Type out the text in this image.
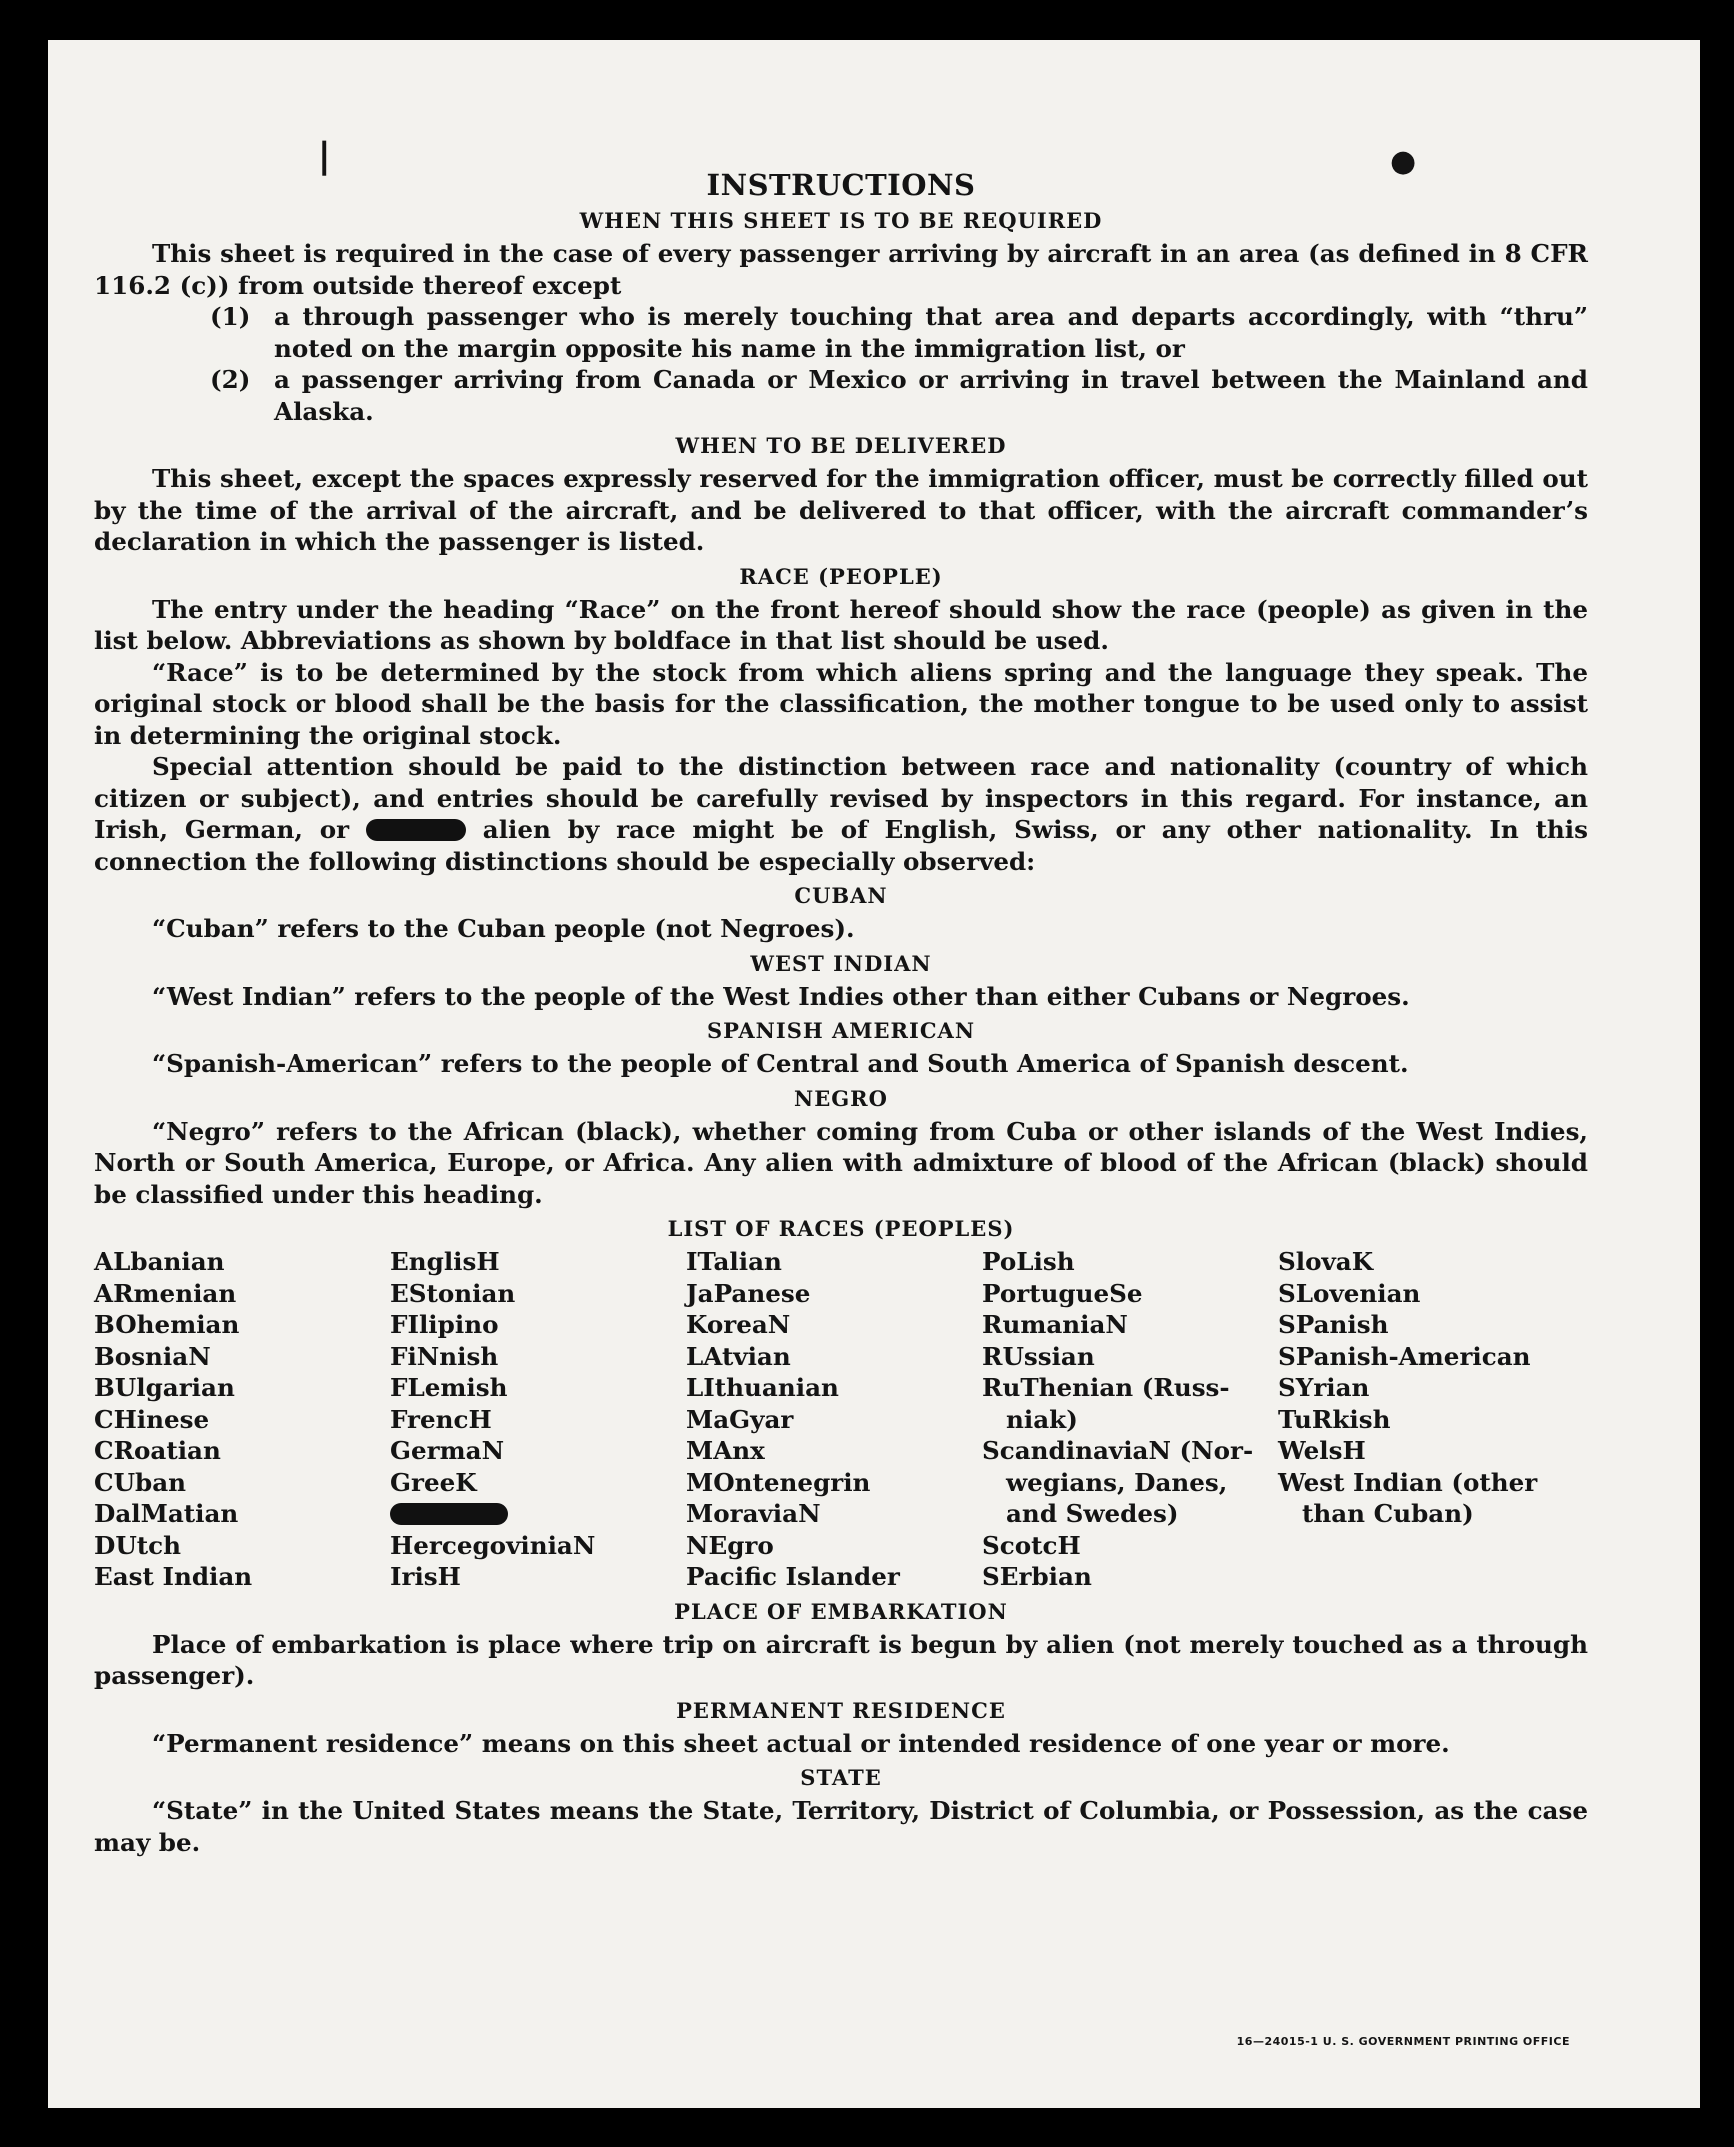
❘	●
INSTRUCTIONS
WHEN THIS SHEET IS TO BE REQUIRED

This sheet is required in the case of every passenger arriving by aircraft in an area (as defined in 8 CFR 116.2 (c)) from outside thereof except

(1) a through passenger who is merely touching that area and departs accordingly, with “thru” noted on the margin opposite his name in the immigration list, or
(2) a passenger arriving from Canada or Mexico or arriving in travel between the Mainland and Alaska.
WHEN TO BE DELIVERED

This sheet, except the spaces expressly reserved for the immigration officer, must be correctly filled out by the time of the arrival of the aircraft, and be delivered to that officer, with the aircraft commander’s declaration in which the passenger is listed.

RACE (PEOPLE)

The entry under the heading “Race” on the front hereof should show the race (people) as given in the list below. Abbreviations as shown by boldface in that list should be used.

“Race” is to be determined by the stock from which aliens spring and the language they speak. The original stock or blood shall be the basis for the classification, the mother tongue to be used only to assist in determining the original stock.

Special attention should be paid to the distinction between race and nationality (country of which citizen or subject), and entries should be carefully revised by inspectors in this regard. For instance, an Irish, German, or	alien by race might be of English, Swiss, or any other nationality. In this connection the following distinctions should be especially observed:

CUBAN

“Cuban” refers to the Cuban people (not Negroes).

WEST INDIAN

“West Indian” refers to the people of the West Indies other than either Cubans or Negroes.

SPANISH AMERICAN

“Spanish-American” refers to the people of Central and South America of Spanish descent.

NEGRO

“Negro” refers to the African (black), whether coming from Cuba or other islands of the West Indies, North or South America, Europe, or Africa. Any alien with admixture of blood of the African (black) should be classified under this heading.

LIST OF RACES (PEOPLES)
ALbanian
ARmenian
BOhemian
BosniaN
BUlgarian
CHinese
CRoatian
CUban
DalMatian
DUtch
East Indian
EnglisH
EStonian
FIlipino
FiNnish
FLemish
FrencH
GermaN
GreeK
HercegoviniaN
IrisH
ITalian
JaPanese
KoreaN
LAtvian
LIthuanian
MaGyar
MAnx
MOntenegrin
MoraviaN
NEgro
Pacific Islander
PoLish
PortugueSe
RumaniaN
RUssian
RuThenian (Russ-
niak)
ScandinaviaN (Nor-
wegians, Danes,
and Swedes)
ScotcH
SErbian
SlovaK
SLovenian
SPanish
SPanish-American
SYrian
TuRkish
WelsH
West Indian (other
than Cuban)
PLACE OF EMBARKATION

Place of embarkation is place where trip on aircraft is begun by alien (not merely touched as a through passenger).

PERMANENT RESIDENCE

“Permanent residence” means on this sheet actual or intended residence of one year or more.

STATE

“State” in the United States means the State, Territory, District of Columbia, or Possession, as the case may be.

16—24015-1 U. S. GOVERNMENT PRINTING OFFICE
